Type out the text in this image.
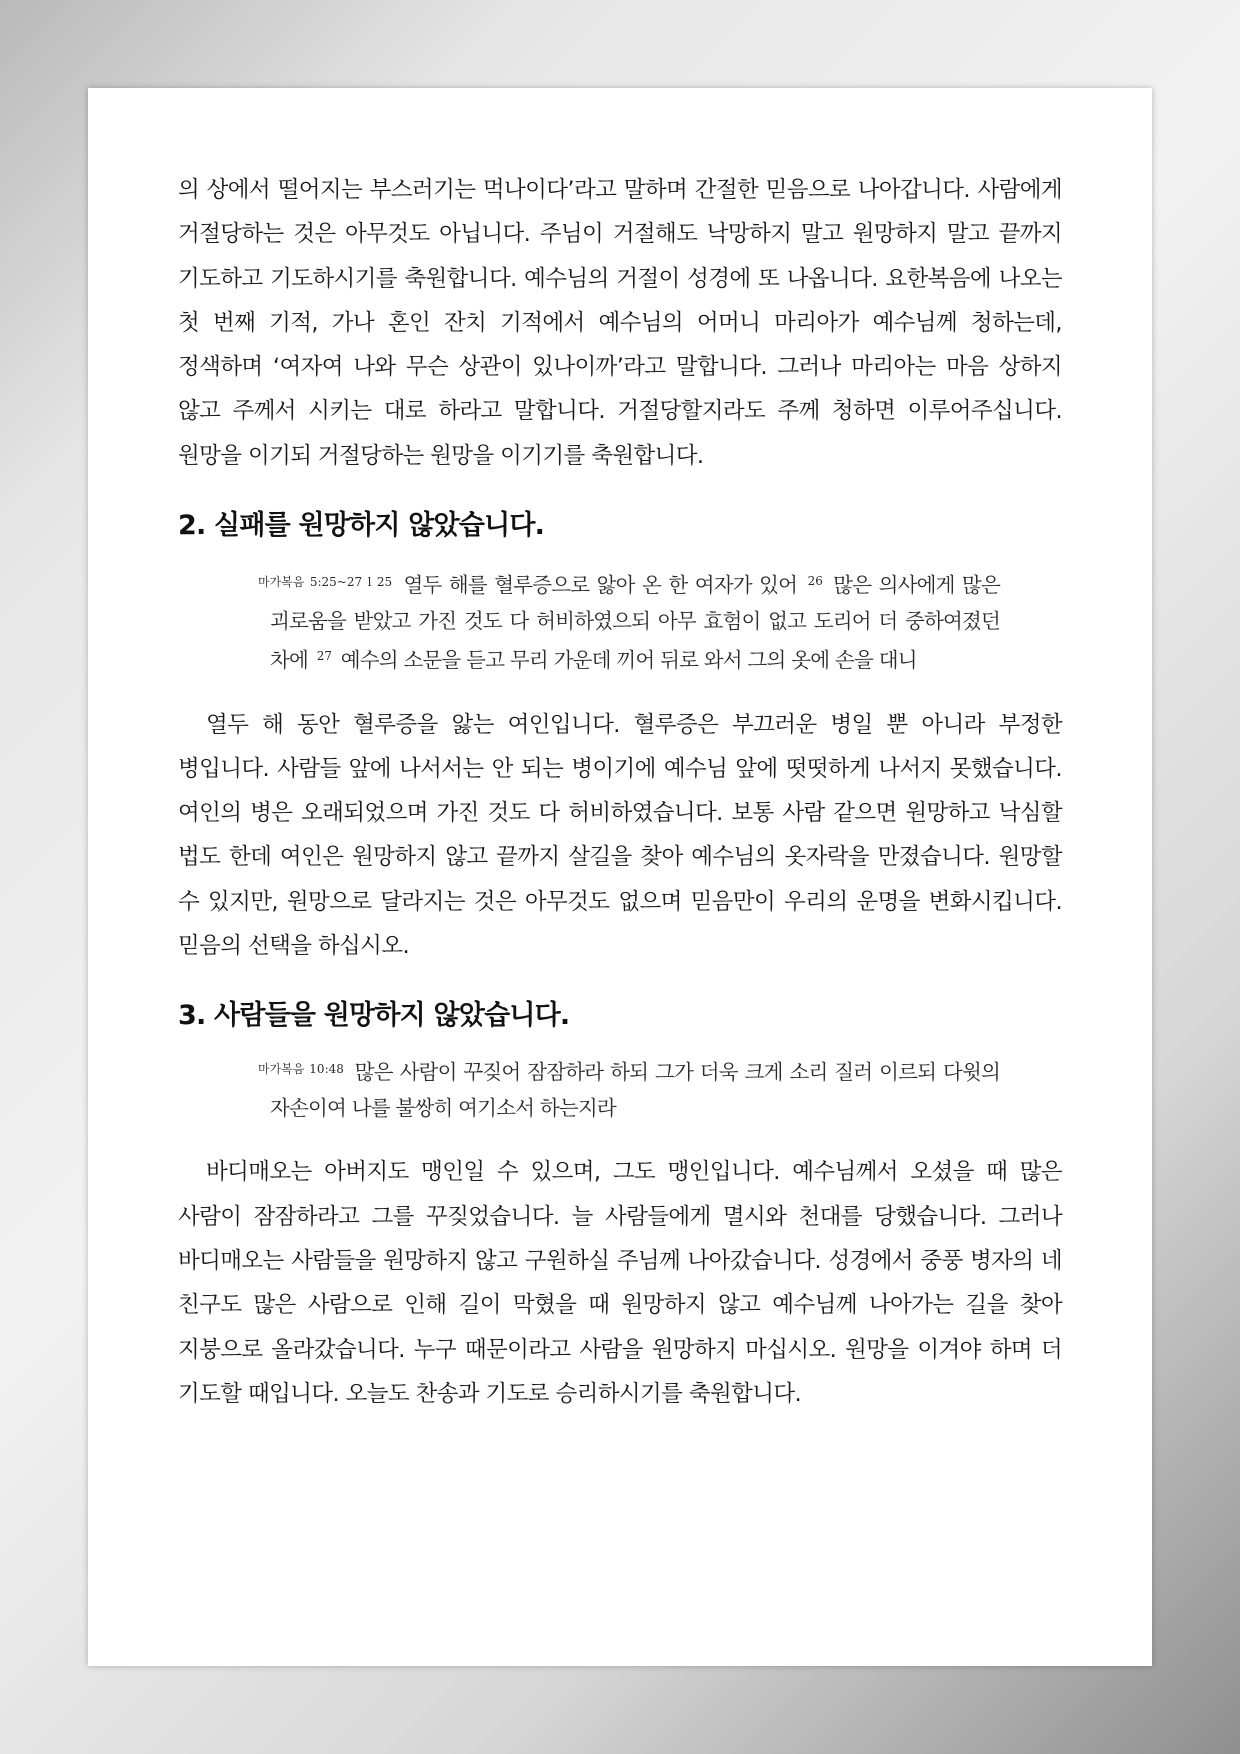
의 상에서 떨어지는 부스러기는 먹나이다’라고 말하며 간절한 믿음으로 나아갑니다. 사람에게 거절당하는 것은 아무것도 아닙니다. 주님이 거절해도 낙망하지 말고 원망하지 말고 끝까지 기도하고 기도하시기를 축원합니다. 예수님의 거절이 성경에 또 나옵니다. 요한복음에 나오는 첫 번째 기적, 가나 혼인 잔치 기적에서 예수님의 어머니 마리아가 예수님께 청하는데, 정색하며 ‘여자여 나와 무슨 상관이 있나이까’라고 말합니다. 그러나 마리아는 마음 상하지 않고 주께서 시키는 대로 하라고 말합니다. 거절당할지라도 주께 청하면 이루어주십니다. 원망을 이기되 거절당하는 원망을 이기기를 축원합니다.

2. 실패를 원망하지 않았습니다.

$^{마가복음 5:25\sim 27 l 25}$ 열두 해를 혈루증으로 앓아 온 한 여자가 있어 $^{26}$ 많은 의사에게 많은 괴로움을 받았고 가진 것도 다 허비하였으되 아무 효험이 없고 도리어 더 중하여졌던 차에 $^{27}$ 예수의 소문을 듣고 무리 가운데 끼어 뒤로 와서 그의 옷에 손을 대니

열두 해 동안 혈루증을 앓는 여인입니다. 혈루증은 부끄러운 병일 뿐 아니라 부정한 병입니다. 사람들 앞에 나서서는 안 되는 병이기에 예수님 앞에 떳떳하게 나서지 못했습니다. 여인의 병은 오래되었으며 가진 것도 다 허비하였습니다. 보통 사람 같으면 원망하고 낙심할 법도 한데 여인은 원망하지 않고 끝까지 살길을 찾아 예수님의 옷자락을 만졌습니다. 원망할 수 있지만, 원망으로 달라지는 것은 아무것도 없으며 믿음만이 우리의 운명을 변화시킵니다. 믿음의 선택을 하십시오.

3. 사람들을 원망하지 않았습니다.

$^{마가복음 10:48}$ 많은 사람이 꾸짖어 잠잠하라 하되 그가 더욱 크게 소리 질러 이르되 다윗의 자손이여 나를 불쌍히 여기소서 하는지라

바디매오는 아버지도 맹인일 수 있으며, 그도 맹인입니다. 예수님께서 오셨을 때 많은 사람이 잠잠하라고 그를 꾸짖었습니다. 늘 사람들에게 멸시와 천대를 당했습니다. 그러나 바디매오는 사람들을 원망하지 않고 구원하실 주님께 나아갔습니다. 성경에서 중풍 병자의 네 친구도 많은 사람으로 인해 길이 막혔을 때 원망하지 않고 예수님께 나아가는 길을 찾아 지붕으로 올라갔습니다. 누구 때문이라고 사람을 원망하지 마십시오. 원망을 이겨야 하며 더 기도할 때입니다. 오늘도 찬송과 기도로 승리하시기를 축원합니다.
